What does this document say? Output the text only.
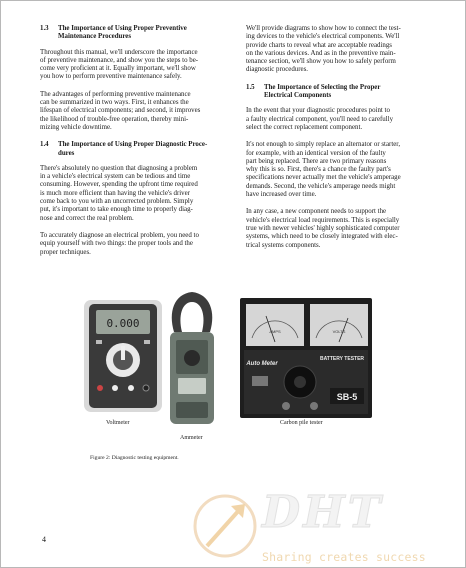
1.3	The Importance of Using Proper Preventive
Maintenance Procedures
Throughout this manual, we'll underscore the importance
of preventive maintenance, and show you the steps to be-
come very proficient at it. Equally important, we'll show
you how to perform preventive maintenance safely.
The advantages of performing preventive maintenance
can be summarized in two ways. First, it enhances the
lifespan of electrical components; and second, it improves
the likelihood of trouble-free operation, thereby mini-
mizing vehicle downtime.
1.4	The Importance of Using Proper Diagnostic Proce-
dures
There's absolutely no question that diagnosing a problem
in a vehicle's electrical system can be tedious and time
consuming. However, spending the upfront time required
is much more efficient than having the vehicle's driver
come back to you with an uncorrected problem. Simply
put, it's important to take enough time to properly diag-
nose and correct the real problem.
To accurately diagnose an electrical problem, you need to
equip yourself with two things: the proper tools and the
proper techniques.
We'll provide diagrams to show how to connect the test-
ing devices to the vehicle's electrical components. We'll
provide charts to reveal what are acceptable readings
on the various devices. And as in the preventive main-
tenance section, we'll show you how to safely perform
diagnostic procedures.
1.5	The Importance of Selecting the Proper
Electrical Components
In the event that your diagnostic procedures point to
a faulty electrical component, you'll need to carefully
select the correct replacement component.
It's not enough to simply replace an alternator or starter,
for example, with an identical version of the faulty
part being replaced. There are two primary reasons
why this is so. First, there's a chance the faulty part's
specifications never actually met the vehicle's amperage
demands. Second, the vehicle's amperage needs might
have increased over time.
In any case, a new component needs to support the
vehicle's electrical load requirements. This is especially
true with newer vehicles' highly sophisticated computer
systems, which need to be closely integrated with elec-
trical systems components.
0.000
AMPS	VOLTS
Auto Meter
BATTERY TESTER
SB-5
Voltmeter
Ammeter
Carbon pile tester
Figure 2: Diagnostic testing equipment.
DHT
Sharing creates success
4
